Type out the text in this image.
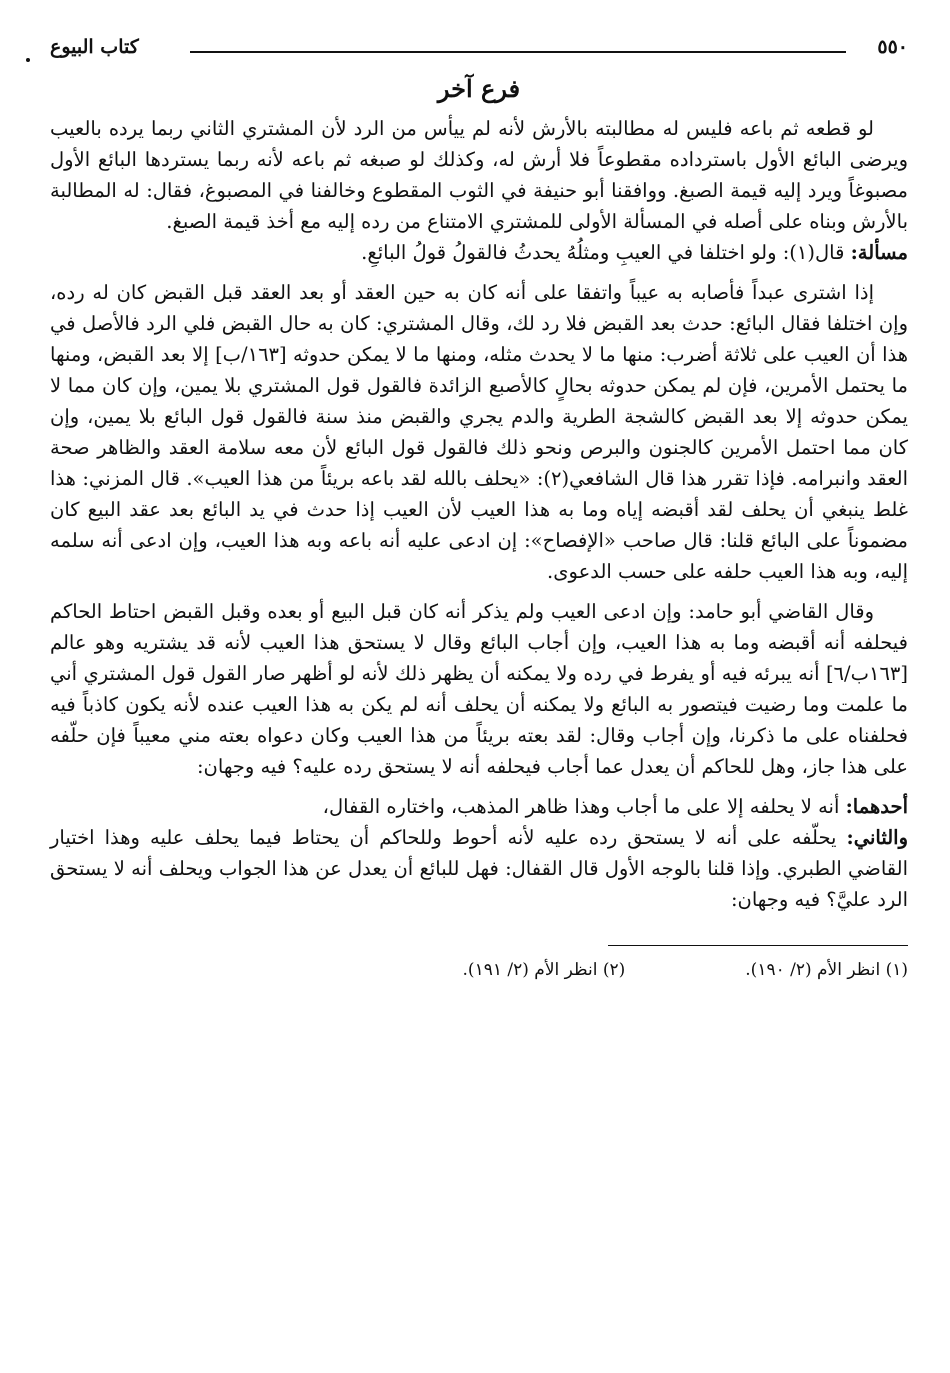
٥٥٠
كتاب البيوع
فرع آخر

لو قطعه ثم باعه فليس له مطالبته بالأرش لأنه لم ييأس من الرد لأن المشتري الثاني ربما يرده بالعيب ويرضى البائع الأول باسترداده مقطوعاً فلا أرش له، وكذلك لو صبغه ثم باعه لأنه ربما يستردها البائع الأول مصبوغاً ويرد إليه قيمة الصبغ. ووافقنا أبو حنيفة في الثوب المقطوع وخالفنا في المصبوغ، فقال: له المطالبة بالأرش وبناه على أصله في المسألة الأولى للمشتري الامتناع من رده إليه مع أخذ قيمة الصبغ.

مسألة: قال(١): ولو اختلفا في العيبِ ومثلُهُ يحدثُ فالقولُ قولُ البائعِ.

إذا اشترى عبداً فأصابه به عيباً واتفقا على أنه كان به حين العقد أو بعد العقد قبل القبض كان له رده، وإن اختلفا فقال البائع: حدث بعد القبض فلا رد لك، وقال المشتري: كان به حال القبض فلي الرد فالأصل في هذا أن العيب على ثلاثة أضرب: منها ما لا يحدث مثله، ومنها ما لا يمكن حدوثه [١٦٣/ب] إلا بعد القبض، ومنها ما يحتمل الأمرين، فإن لم يمكن حدوثه بحالٍ كالأصبع الزائدة فالقول قول المشتري بلا يمين، وإن كان مما لا يمكن حدوثه إلا بعد القبض كالشجة الطرية والدم يجري والقبض منذ سنة فالقول قول البائع بلا يمين، وإن كان مما احتمل الأمرين كالجنون والبرص ونحو ذلك فالقول قول البائع لأن معه سلامة العقد والظاهر صحة العقد وانبرامه. فإذا تقرر هذا قال الشافعي(٢): «يحلف بالله لقد باعه بريئاً من هذا العيب». قال المزني: هذا غلط ينبغي أن يحلف لقد أقبضه إياه وما به هذا العيب لأن العيب إذا حدث في يد البائع بعد عقد البيع كان مضموناً على البائع قلنا: قال صاحب «الإفصاح»: إن ادعى عليه أنه باعه وبه هذا العيب، وإن ادعى أنه سلمه إليه، وبه هذا العيب حلفه على حسب الدعوى.

وقال القاضي أبو حامد: وإن ادعى العيب ولم يذكر أنه كان قبل البيع أو بعده وقبل القبض احتاط الحاكم فيحلفه أنه أقبضه وما به هذا العيب، وإن أجاب البائع وقال لا يستحق هذا العيب لأنه قد يشتريه وهو عالم [١٦٣ب/٦] أنه يبرئه فيه أو يفرط في رده ولا يمكنه أن يظهر ذلك لأنه لو أظهر صار القول قول المشتري أني ما علمت وما رضيت فيتصور به البائع ولا يمكنه أن يحلف أنه لم يكن به هذا العيب عنده لأنه يكون كاذباً فيه فحلفناه على ما ذكرنا، وإن أجاب وقال: لقد بعته بريئاً من هذا العيب وكان دعواه بعته مني معيباً فإن حلّفه على هذا جاز، وهل للحاكم أن يعدل عما أجاب فيحلفه أنه لا يستحق رده عليه؟ فيه وجهان:

أحدهما: أنه لا يحلفه إلا على ما أجاب وهذا ظاهر المذهب، واختاره القفال،

والثاني: يحلّفه على أنه لا يستحق رده عليه لأنه أحوط وللحاكم أن يحتاط فيما يحلف عليه وهذا اختيار القاضي الطبري. وإذا قلنا بالوجه الأول قال القفال: فهل للبائع أن يعدل عن هذا الجواب ويحلف أنه لا يستحق الرد عليَّ؟ فيه وجهان:

(١) انظر الأم (٢/ ١٩٠).
(٢) انظر الأم (٢/ ١٩١).
